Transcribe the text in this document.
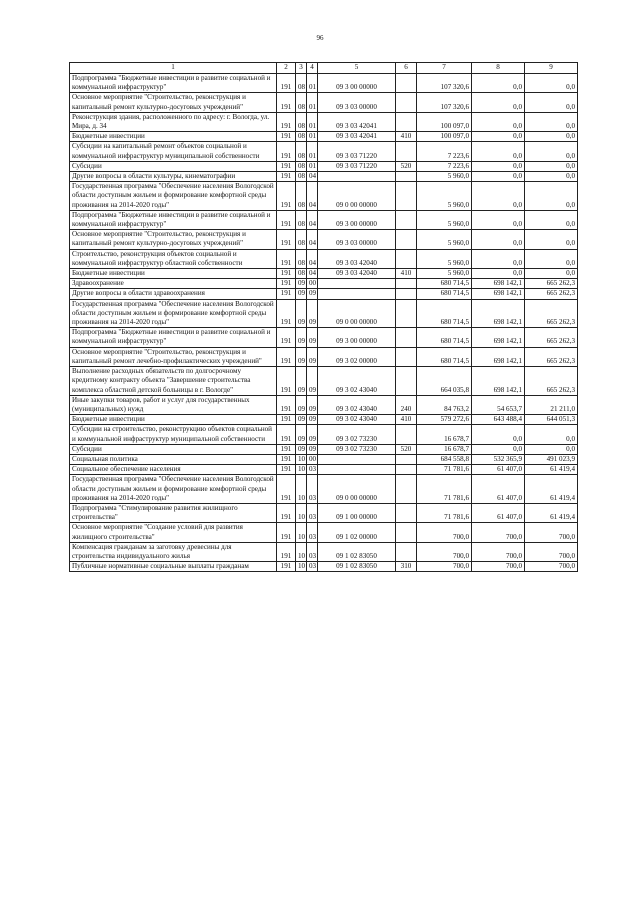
96
1	2	3	4	5	6	7	8	9
Подпрограмма "Бюджетные инвестиции в развитие социальной и коммунальной инфраструктур"	191	08	01	09 3 00 00000		107 320,6	0,0	0,0
Основное мероприятие "Строительство, реконструкция и капитальный ремонт культурно-досуговых учреждений"	191	08	01	09 3 03 00000		107 320,6	0,0	0,0
Реконструкция здания, расположенного по адресу: г. Вологда, ул. Мира, д. 34	191	08	01	09 3 03 42041		100 097,0	0,0	0,0
Бюджетные инвестиции	191	08	01	09 3 03 42041	410	100 097,0	0,0	0,0
Субсидии на капитальный ремонт объектов социальной и коммунальной инфраструктур муниципальной собственности	191	08	01	09 3 03 71220		7 223,6	0,0	0,0
Субсидии	191	08	01	09 3 03 71220	520	7 223,6	0,0	0,0
Другие вопросы в области культуры, кинематографии	191	08	04			5 960,0	0,0	0,0
Государственная программа "Обеспечение населения Вологодской области доступным жильем и формирование комфортной среды проживания на 2014-2020 годы"	191	08	04	09 0 00 00000		5 960,0	0,0	0,0
Подпрограмма "Бюджетные инвестиции в развитие социальной и коммунальной инфраструктур"	191	08	04	09 3 00 00000		5 960,0	0,0	0,0
Основное мероприятие "Строительство, реконструкция и капитальный ремонт культурно-досуговых учреждений"	191	08	04	09 3 03 00000		5 960,0	0,0	0,0
Строительство, реконструкция объектов социальной и коммунальной инфраструктур областной собственности	191	08	04	09 3 03 42040		5 960,0	0,0	0,0
Бюджетные инвестиции	191	08	04	09 3 03 42040	410	5 960,0	0,0	0,0
Здравоохранение	191	09	00			680 714,5	698 142,1	665 262,3
Другие вопросы в области здравоохранения	191	09	09			680 714,5	698 142,1	665 262,3
Государственная программа "Обеспечение населения Вологодской области доступным жильем и формирование комфортной среды проживания на 2014-2020 годы"	191	09	09	09 0 00 00000		680 714,5	698 142,1	665 262,3
Подпрограмма "Бюджетные инвестиции в развитие социальной и коммунальной инфраструктур"	191	09	09	09 3 00 00000		680 714,5	698 142,1	665 262,3
Основное мероприятие "Строительство, реконструкция и капитальный ремонт лечебно-профилактических учреждений"	191	09	09	09 3 02 00000		680 714,5	698 142,1	665 262,3
Выполнение расходных обязательств по долгосрочному кредитному контракту объекта "Завершение строительства комплекса областной детской больницы в г. Вологде"	191	09	09	09 3 02 43040		664 035,8	698 142,1	665 262,3
Иные закупки товаров, работ и услуг для государственных (муниципальных) нужд	191	09	09	09 3 02 43040	240	84 763,2	54 653,7	21 211,0
Бюджетные инвестиции	191	09	09	09 3 02 43040	410	579 272,6	643 488,4	644 051,3
Субсидии на строительство, реконструкцию объектов социальной и коммунальной инфраструктур муниципальной собственности	191	09	09	09 3 02 73230		16 678,7	0,0	0,0
Субсидии	191	09	09	09 3 02 73230	520	16 678,7	0,0	0,0
Социальная политика	191	10	00			684 558,8	532 365,9	491 023,9
Социальное обеспечение населения	191	10	03			71 781,6	61 407,0	61 419,4
Государственная программа "Обеспечение населения Вологодской области доступным жильем и формирование комфортной среды проживания на 2014-2020 годы"	191	10	03	09 0 00 00000		71 781,6	61 407,0	61 419,4
Подпрограмма "Стимулирование развития жилищного строительства"	191	10	03	09 1 00 00000		71 781,6	61 407,0	61 419,4
Основное мероприятие "Создание условий для развития жилищного строительства"	191	10	03	09 1 02 00000		700,0	700,0	700,0
Компенсация гражданам за заготовку древесины для строительства индивидуального жилья	191	10	03	09 1 02 83050		700,0	700,0	700,0
Публичные нормативные социальные выплаты гражданам	191	10	03	09 1 02 83050	310	700,0	700,0	700,0
